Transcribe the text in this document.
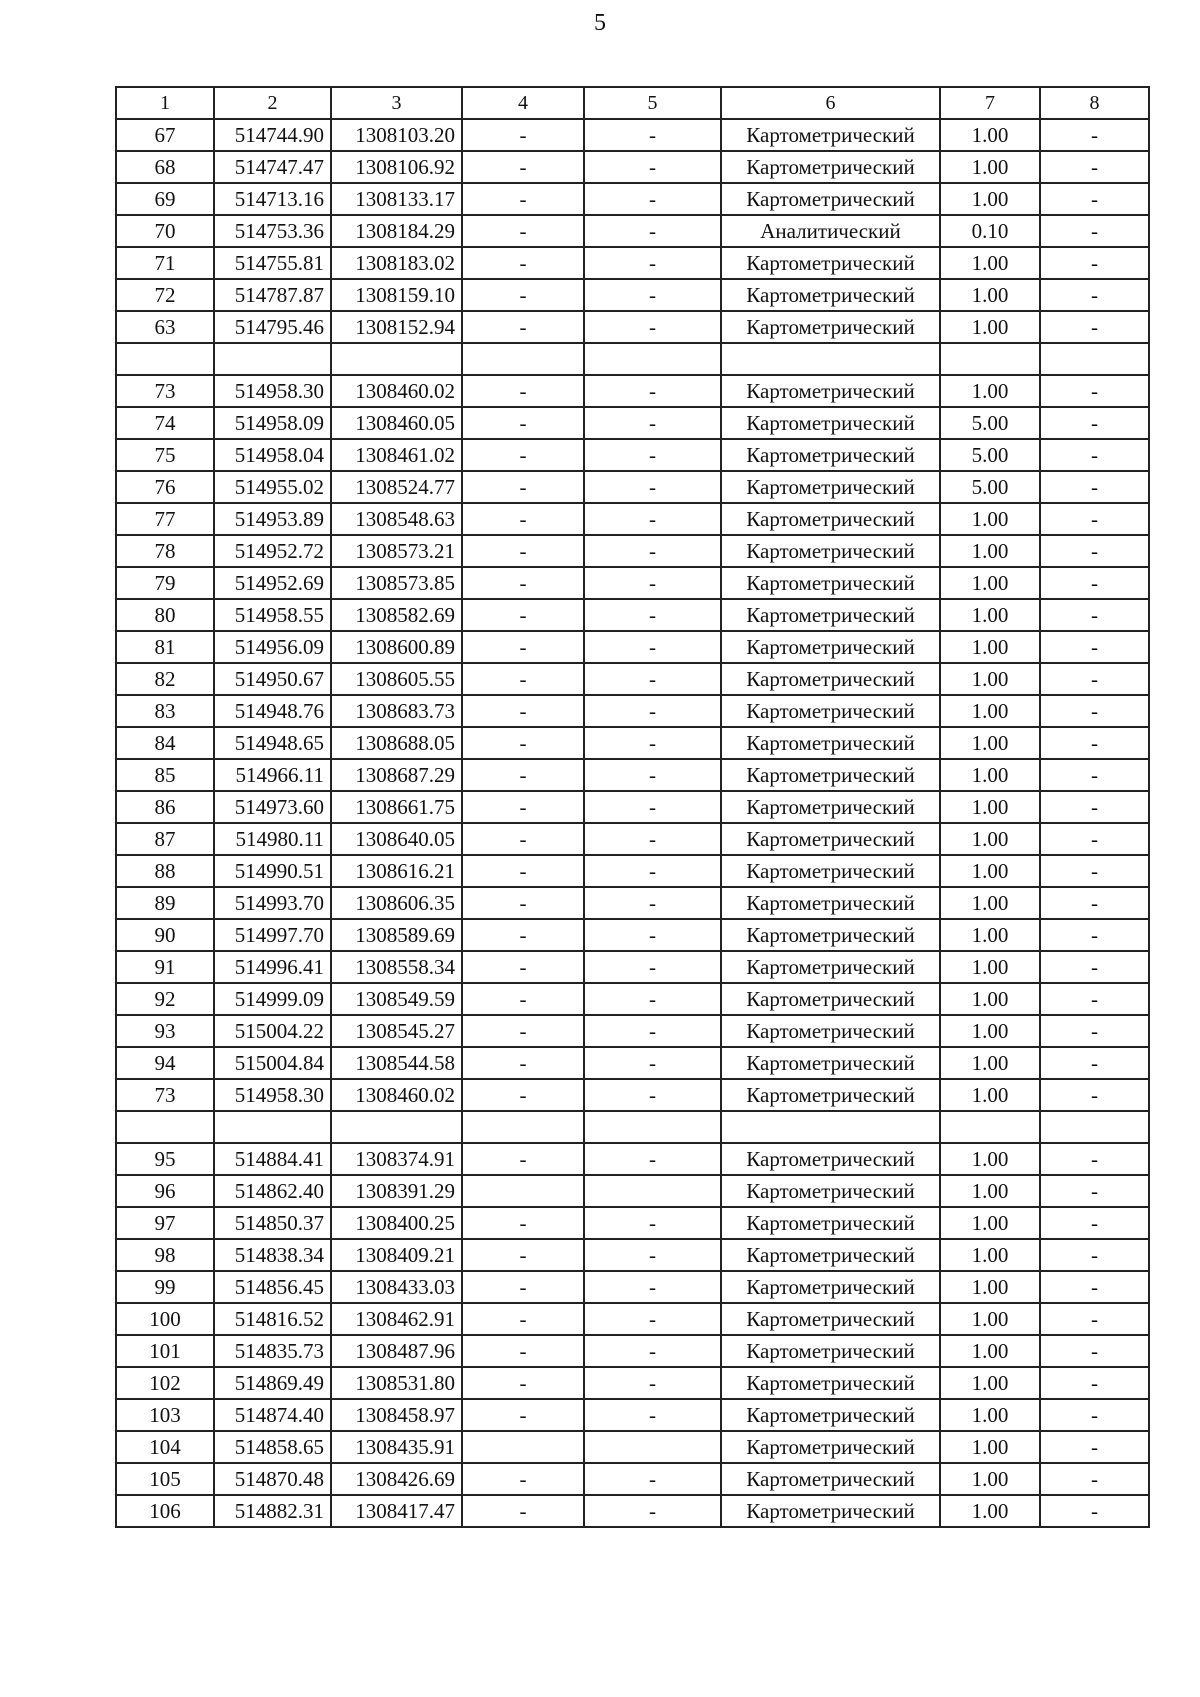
5
1	2	3	4	5	6	7	8
67	514744.90	1308103.20	-	-	Картометрический	1.00	-
68	514747.47	1308106.92	-	-	Картометрический	1.00	-
69	514713.16	1308133.17	-	-	Картометрический	1.00	-
70	514753.36	1308184.29	-	-	Аналитический	0.10	-
71	514755.81	1308183.02	-	-	Картометрический	1.00	-
72	514787.87	1308159.10	-	-	Картометрический	1.00	-
63	514795.46	1308152.94	-	-	Картометрический	1.00	-

73	514958.30	1308460.02	-	-	Картометрический	1.00	-
74	514958.09	1308460.05	-	-	Картометрический	5.00	-
75	514958.04	1308461.02	-	-	Картометрический	5.00	-
76	514955.02	1308524.77	-	-	Картометрический	5.00	-
77	514953.89	1308548.63	-	-	Картометрический	1.00	-
78	514952.72	1308573.21	-	-	Картометрический	1.00	-
79	514952.69	1308573.85	-	-	Картометрический	1.00	-
80	514958.55	1308582.69	-	-	Картометрический	1.00	-
81	514956.09	1308600.89	-	-	Картометрический	1.00	-
82	514950.67	1308605.55	-	-	Картометрический	1.00	-
83	514948.76	1308683.73	-	-	Картометрический	1.00	-
84	514948.65	1308688.05	-	-	Картометрический	1.00	-
85	514966.11	1308687.29	-	-	Картометрический	1.00	-
86	514973.60	1308661.75	-	-	Картометрический	1.00	-
87	514980.11	1308640.05	-	-	Картометрический	1.00	-
88	514990.51	1308616.21	-	-	Картометрический	1.00	-
89	514993.70	1308606.35	-	-	Картометрический	1.00	-
90	514997.70	1308589.69	-	-	Картометрический	1.00	-
91	514996.41	1308558.34	-	-	Картометрический	1.00	-
92	514999.09	1308549.59	-	-	Картометрический	1.00	-
93	515004.22	1308545.27	-	-	Картометрический	1.00	-
94	515004.84	1308544.58	-	-	Картометрический	1.00	-
73	514958.30	1308460.02	-	-	Картометрический	1.00	-

95	514884.41	1308374.91	-	-	Картометрический	1.00	-
96	514862.40	1308391.29			Картометрический	1.00	-
97	514850.37	1308400.25	-	-	Картометрический	1.00	-
98	514838.34	1308409.21	-	-	Картометрический	1.00	-
99	514856.45	1308433.03	-	-	Картометрический	1.00	-
100	514816.52	1308462.91	-	-	Картометрический	1.00	-
101	514835.73	1308487.96	-	-	Картометрический	1.00	-
102	514869.49	1308531.80	-	-	Картометрический	1.00	-
103	514874.40	1308458.97	-	-	Картометрический	1.00	-
104	514858.65	1308435.91			Картометрический	1.00	-
105	514870.48	1308426.69	-	-	Картометрический	1.00	-
106	514882.31	1308417.47	-	-	Картометрический	1.00	-
